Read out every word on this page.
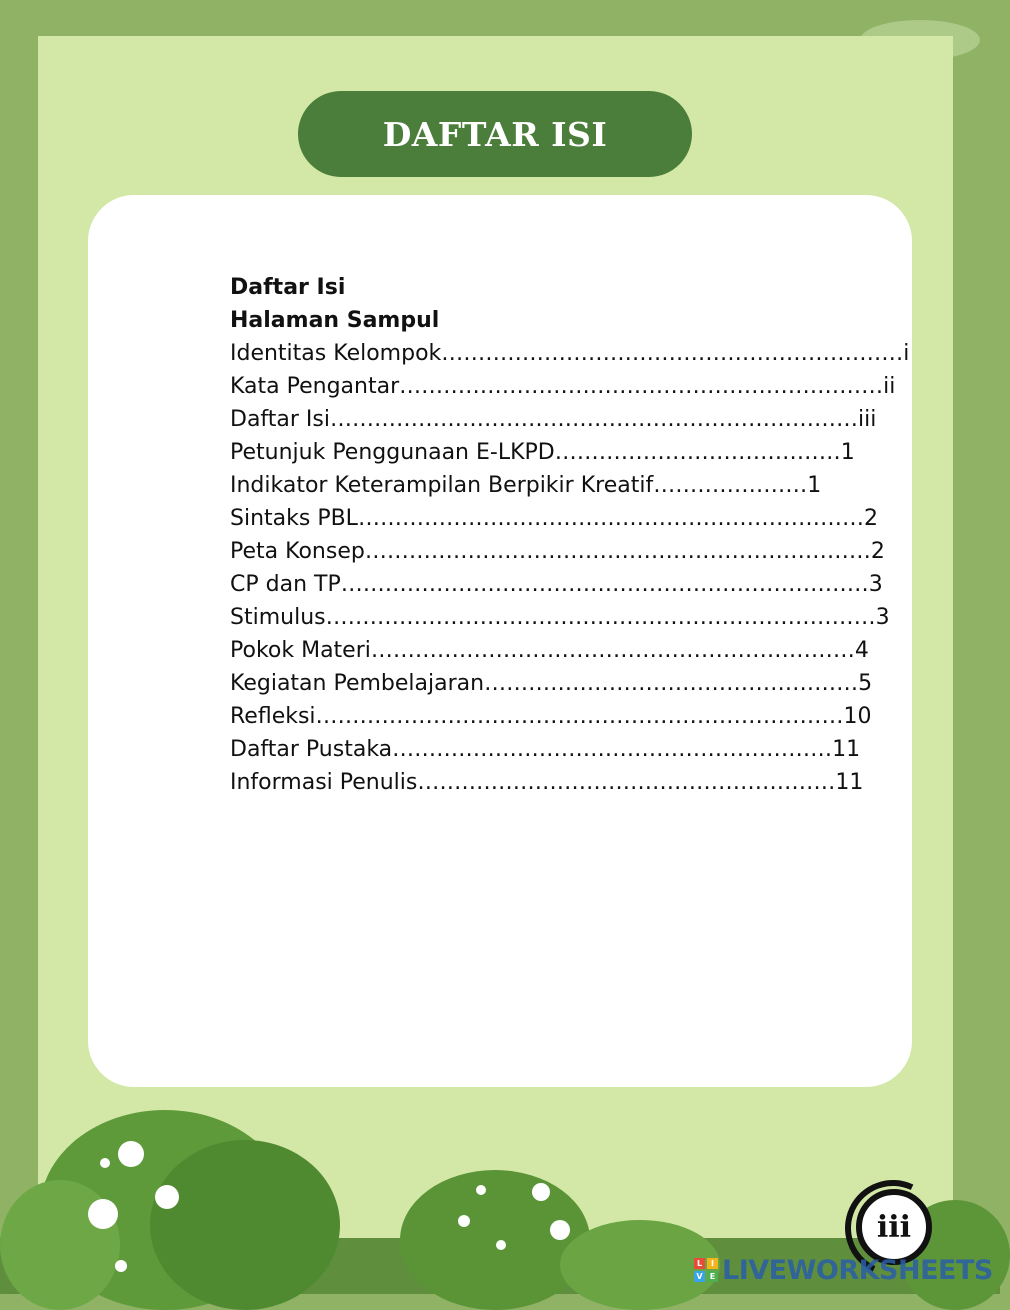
DAFTAR ISI
Daftar Isi
Halaman Sampul
Identitas Kelompok………………………………………………………i
Kata Pengantar…………………………………………………………ii
Daftar Isi………………………………………………………………iii
Petunjuk Penggunaan E-LKPD…………………………………1
Indikator Keterampilan Berpikir Kreatif…………………1
Sintaks PBL……………………………………………………………2
Peta Konsep……………………………………………………………2
CP dan TP………………………………………………………………3
Stimulus…………………………………………………………………3
Pokok Materi…………………………………………………………4
Kegiatan Pembelajaran……………………………………………5
Refleksi………………………………………………………………10
Daftar Pustaka……………………………………………………11
Informasi Penulis…………………………………………………11
iii
L	I
V E LIVEWORKSHEETS
